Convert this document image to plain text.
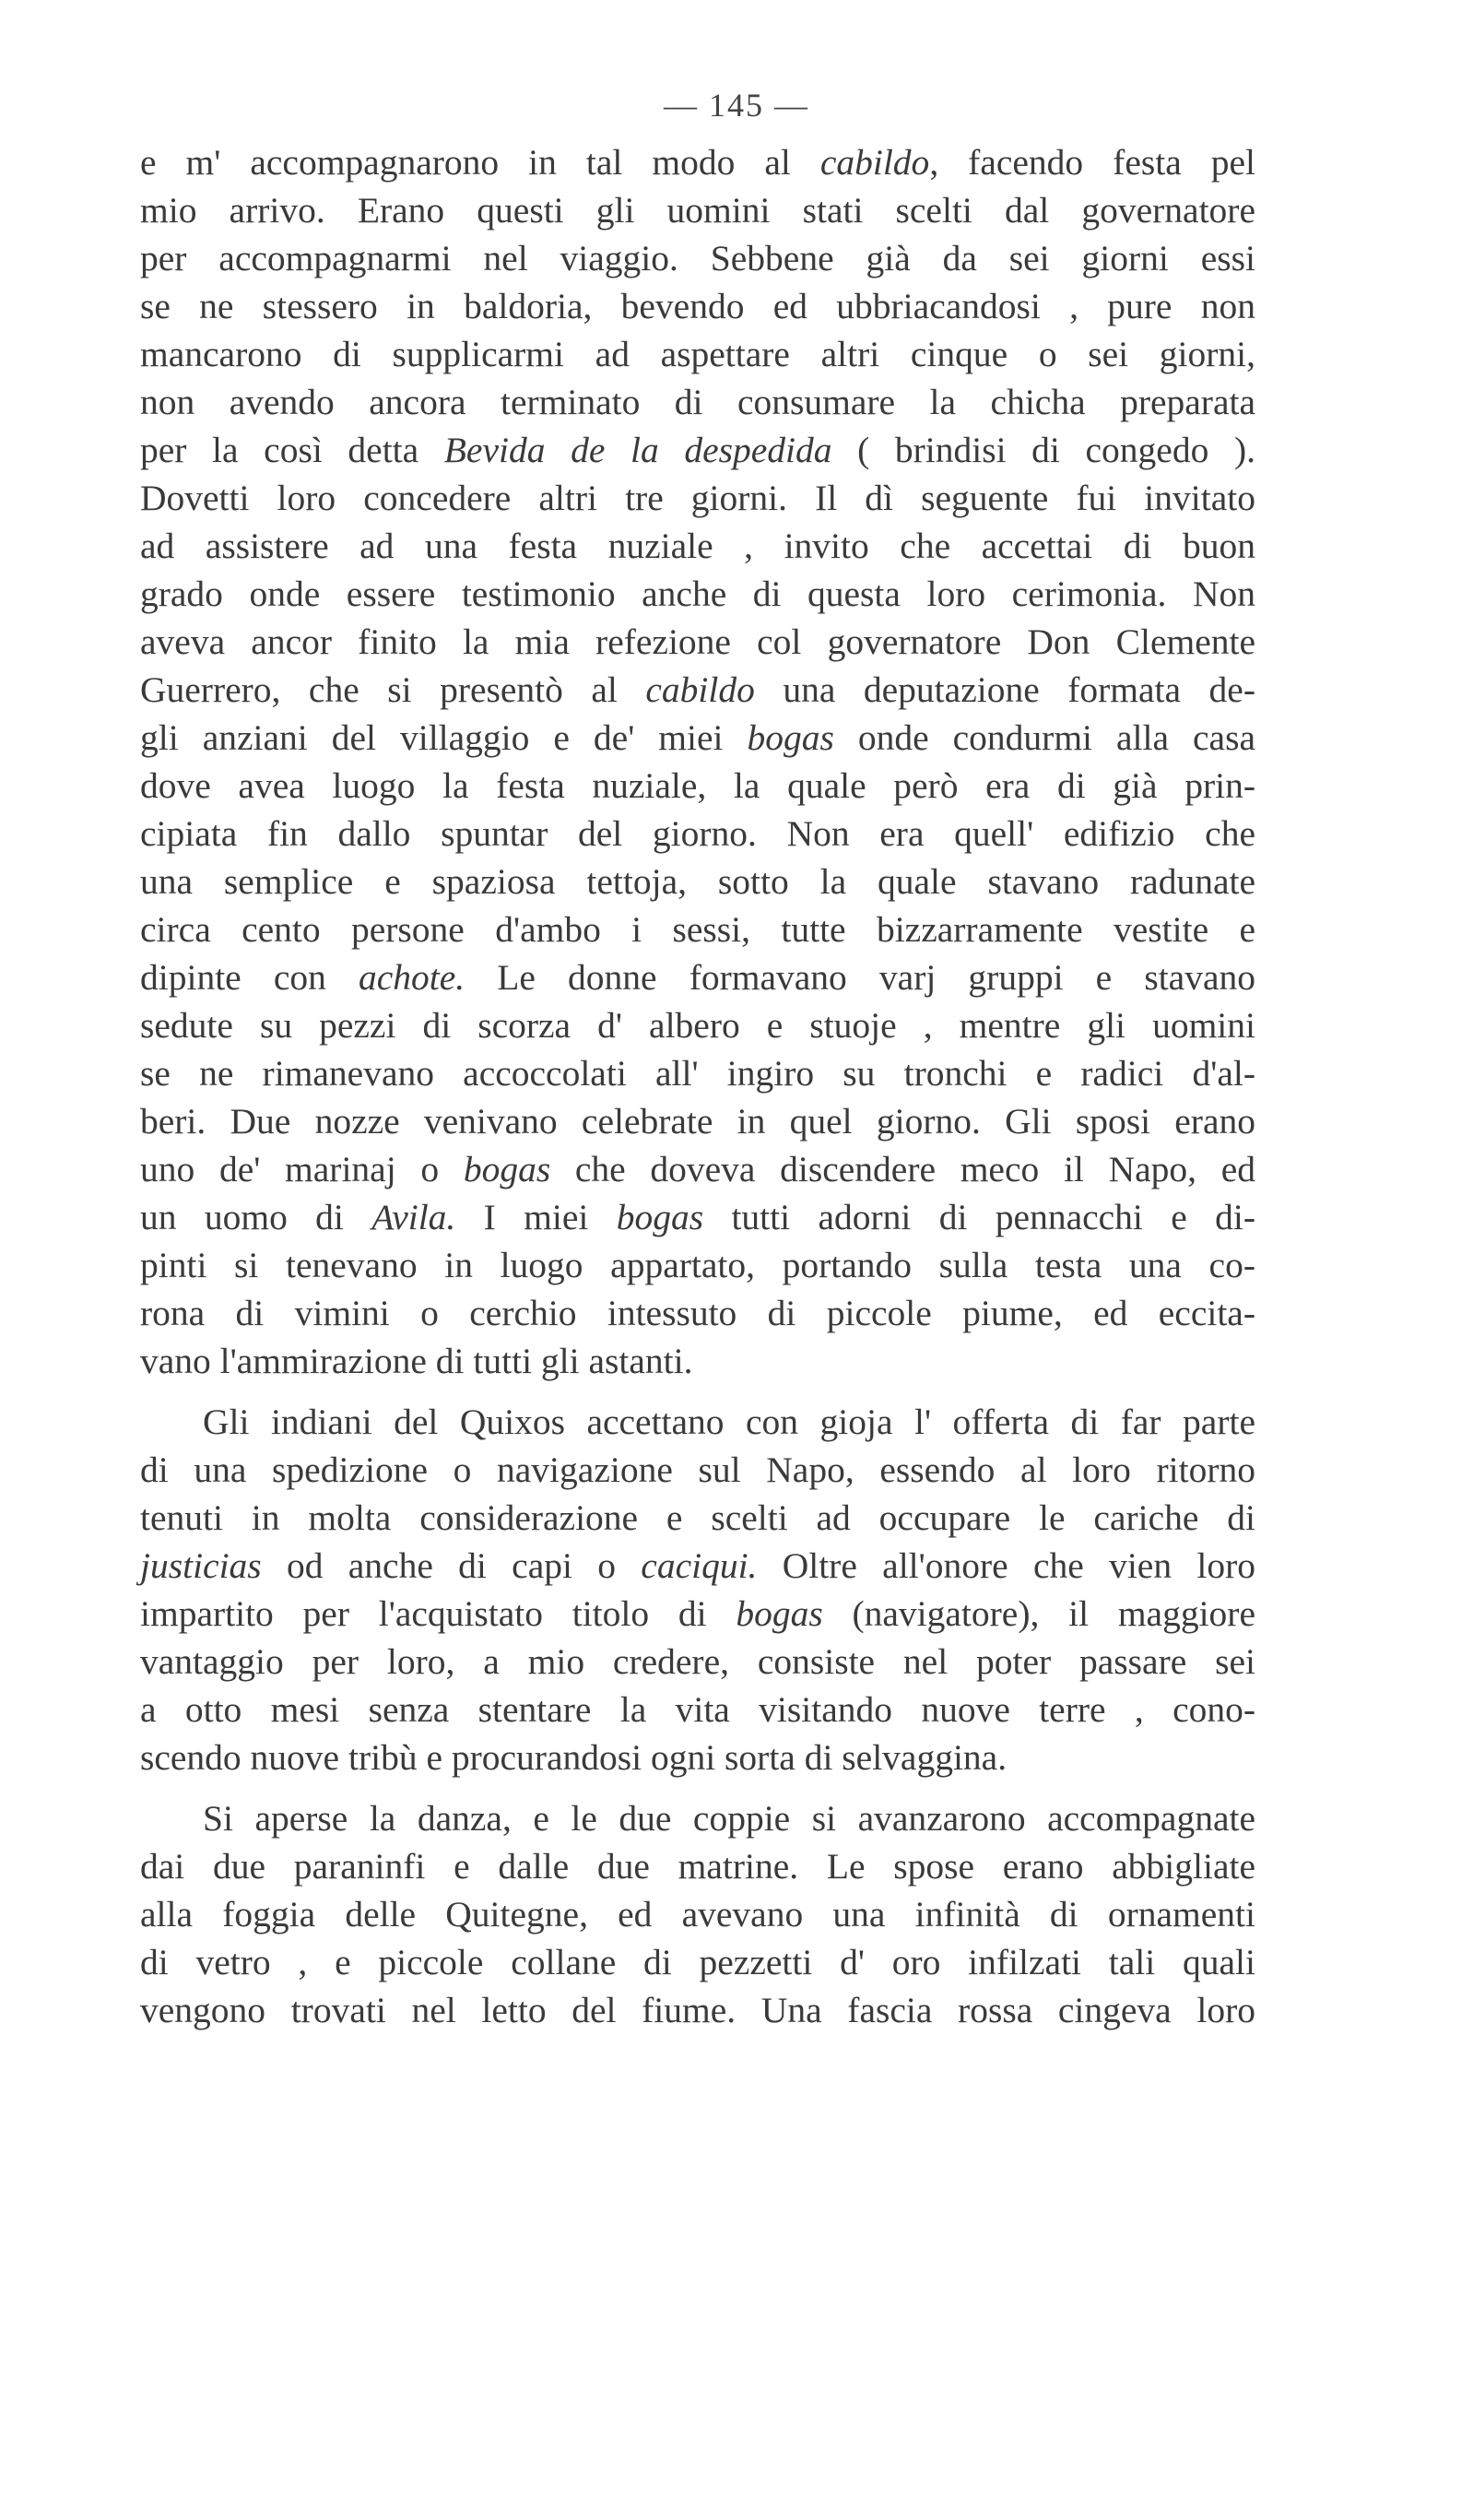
— 145 —
e m' accompagnarono in tal modo al cabildo, facendo festa pel
mio arrivo. Erano questi gli uomini stati scelti dal governatore
per accompagnarmi nel viaggio. Sebbene già da sei giorni essi
se ne stessero in baldoria, bevendo ed ubbriacandosi , pure non
mancarono di supplicarmi ad aspettare altri cinque o sei giorni,
non avendo ancora terminato di consumare la chicha preparata
per la così detta Bevida de la despedida ( brindisi di congedo ).
Dovetti loro concedere altri tre giorni. Il dì seguente fui invitato
ad assistere ad una festa nuziale , invito che accettai di buon
grado onde essere testimonio anche di questa loro cerimonia. Non
aveva ancor finito la mia refezione col governatore Don Clemente
Guerrero, che si presentò al cabildo una deputazione formata de-
gli anziani del villaggio e de' miei bogas onde condurmi alla casa
dove avea luogo la festa nuziale, la quale però era di già prin-
cipiata fin dallo spuntar del giorno. Non era quell' edifizio che
una semplice e spaziosa tettoja, sotto la quale stavano radunate
circa cento persone d'ambo i sessi, tutte bizzarramente vestite e
dipinte con achote. Le donne formavano varj gruppi e stavano
sedute su pezzi di scorza d' albero e stuoje , mentre gli uomini
se ne rimanevano accoccolati all' ingiro su tronchi e radici d'al-
beri. Due nozze venivano celebrate in quel giorno. Gli sposi erano
uno de' marinaj o bogas che doveva discendere meco il Napo, ed
un uomo di Avila. I miei bogas tutti adorni di pennacchi e di-
pinti si tenevano in luogo appartato, portando sulla testa una co-
rona di vimini o cerchio intessuto di piccole piume, ed eccita-
vano l'ammirazione di tutti gli astanti.
Gli indiani del Quixos accettano con gioja l' offerta di far parte
di una spedizione o navigazione sul Napo, essendo al loro ritorno
tenuti in molta considerazione e scelti ad occupare le cariche di
justicias od anche di capi o caciqui. Oltre all'onore che vien loro
impartito per l'acquistato titolo di bogas (navigatore), il maggiore
vantaggio per loro, a mio credere, consiste nel poter passare sei
a otto mesi senza stentare la vita visitando nuove terre , cono-
scendo nuove tribù e procurandosi ogni sorta di selvaggina.
Si aperse la danza, e le due coppie si avanzarono accompagnate
dai due paraninfi e dalle due matrine. Le spose erano abbigliate
alla foggia delle Quitegne, ed avevano una infinità di ornamenti
di vetro , e piccole collane di pezzetti d' oro infilzati tali quali
vengono trovati nel letto del fiume. Una fascia rossa cingeva loro
